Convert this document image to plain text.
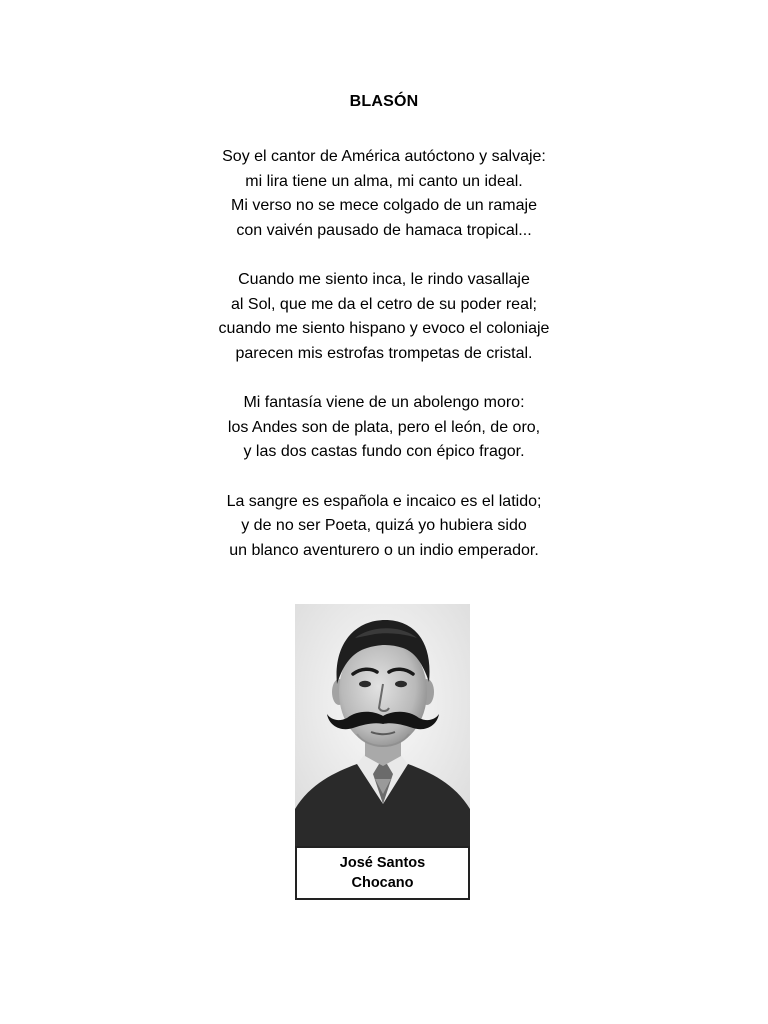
BLASÓN
Soy el cantor de América autóctono y salvaje:
mi lira tiene un alma, mi canto un ideal.
Mi verso no se mece colgado de un ramaje
con vaivén pausado de hamaca tropical...
Cuando me siento inca, le rindo vasallaje
al Sol, que me da el cetro de su poder real;
cuando me siento hispano y evoco el coloniaje
parecen mis estrofas trompetas de cristal.
Mi fantasía viene de un abolengo moro:
los Andes son de plata, pero el león, de oro,
y las dos castas fundo con épico fragor.
La sangre es española e incaico es el latido;
y de no ser Poeta, quizá yo hubiera sido
un blanco aventurero o un indio emperador.
José Santos
Chocano
